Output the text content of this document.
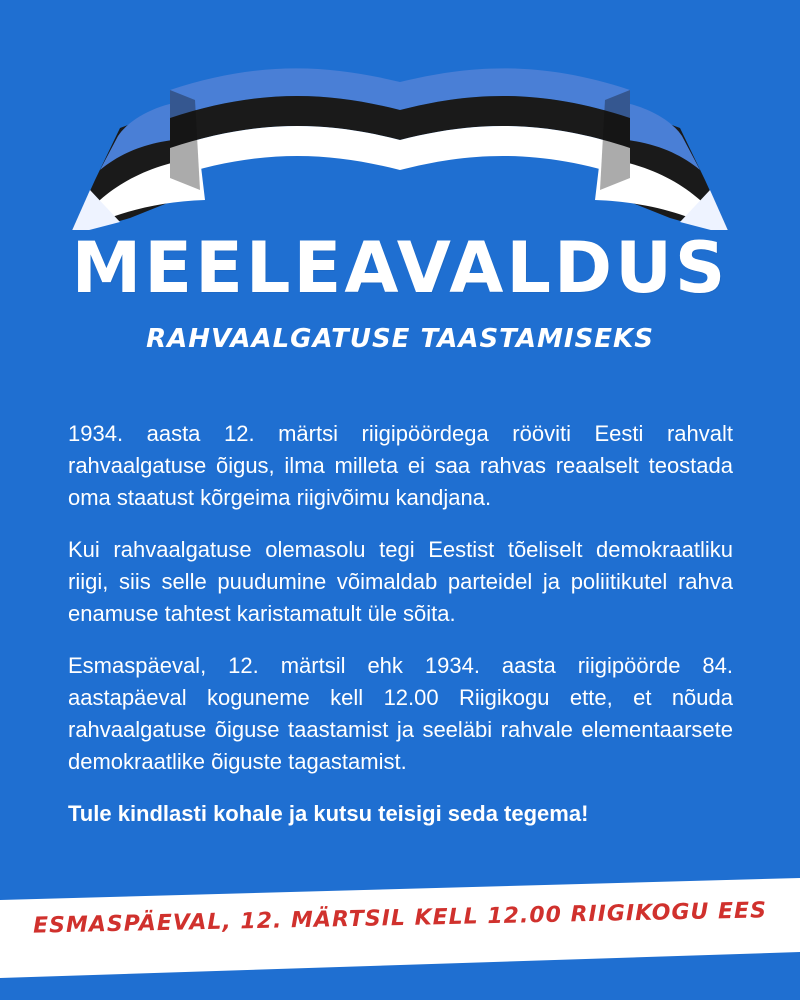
MEELEAVALDUS
RAHVAALGATUSE TAASTAMISEKS

1934. aasta 12. märtsi riigipöördega rööviti Eesti rahvalt rahvaalgatuse õigus, ilma milleta ei saa rahvas reaalselt teostada oma staatust kõrgeima riigivõimu kandjana.

Kui rahvaalgatuse olemasolu tegi Eestist tõeliselt demokraatliku riigi, siis selle puudumine võimaldab parteidel ja poliitikutel rahva enamuse tahtest karistamatult üle sõita.

Esmaspäeval, 12. märtsil ehk 1934. aasta riigipöörde 84. aastapäeval koguneme kell 12.00 Riigikogu ette, et nõuda rahvaalgatuse õiguse taastamist ja seeläbi rahvale elementaarsete demokraatlike õiguste tagastamist.

Tule kindlasti kohale ja kutsu teisigi seda tegema!

ESMASPÄEVAL, 12. MÄRTSIL KELL 12.00 RIIGIKOGU EES
